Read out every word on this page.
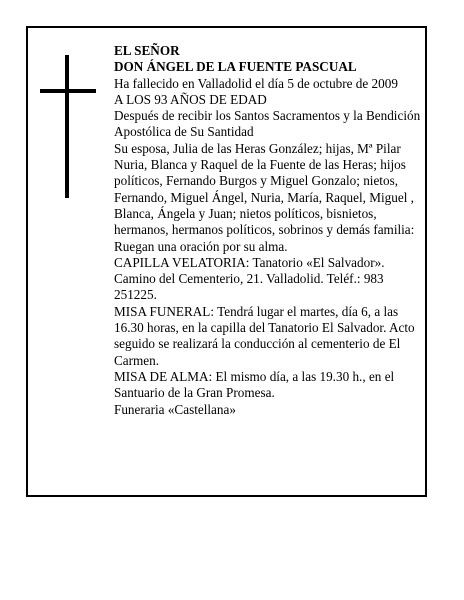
EL SEÑOR

DON ÁNGEL DE LA FUENTE PASCUAL

Ha fallecido en Valladolid el día 5 de octubre de 2009

A LOS 93 AÑOS DE EDAD

Después de recibir los Santos Sacramentos y la Bendición Apostólica de Su Santidad

Su esposa, Julia de las Heras González; hijas, Mª Pilar Nuria, Blanca y Raquel de la Fuente de las Heras; hijos políticos, Fernando Burgos y Miguel Gonzalo; nietos, Fernando, Miguel Ángel, Nuria, María, Raquel, Miguel , Blanca, Ángela y Juan; nietos políticos, bisnietos, hermanos, hermanos políticos, sobrinos y demás familia:

Ruegan una oración por su alma.

CAPILLA VELATORIA: Tanatorio «El Salvador». Camino del Cementerio, 21. Valladolid. Teléf.: 983 251225.

MISA FUNERAL: Tendrá lugar el martes, día 6, a las 16.30 horas, en la capilla del Tanatorio El Salvador. Acto seguido se realizará la conducción al cementerio de El Carmen.

MISA DE ALMA: El mismo día, a las 19.30 h., en el Santuario de la Gran Promesa.

Funeraria «Castellana»
